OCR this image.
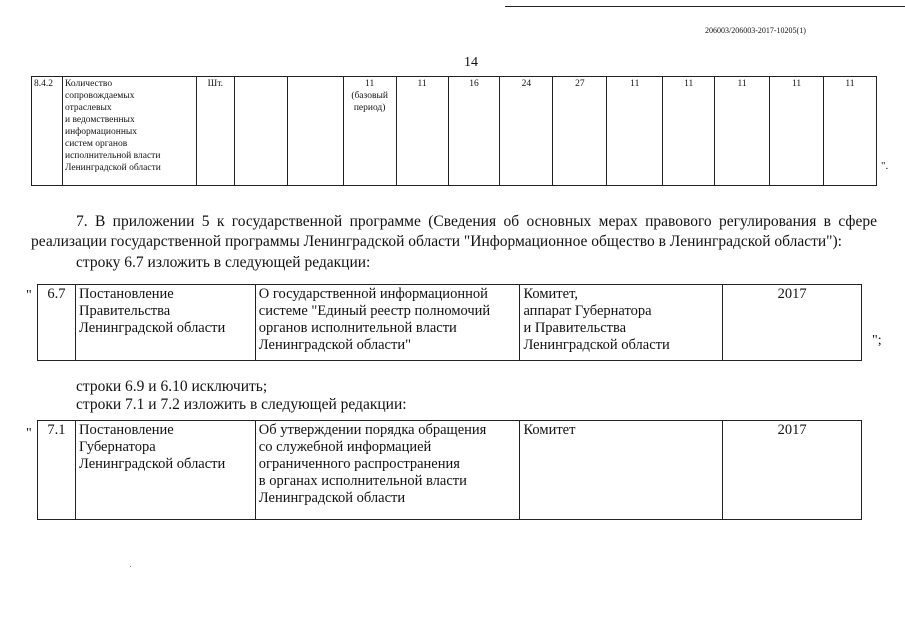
206003/206003-2017-10205(1)
14
8.4.2	Количество
сопровождаемых
отраслевых
и ведомственных
информационных
систем органов
исполнительной власти
Ленинградской области
	Шт.			11
(базовый
период)
	11	16	24	27	11	11	11	11	11
".
7. В приложении 5 к государственной программе (Сведения об основных мерах правового регулирования в сфере реализации государственной программы Ленинградской области "Информационное общество в Ленинградской области"):
строку 6.7 изложить в следующей редакции:
" 6.7	Постановление
Правительства
Ленинградской области

О государственной информационной
системе "Единый реестр полномочий
органов исполнительной власти
Ленинградской области"

Комитет,
аппарат Губернатора
и Правительства
Ленинградской области
	2017
";
строки 6.9 и 6.10 исключить;
строки 7.1 и 7.2 изложить в следующей редакции:
" 7.1	Постановление
Губернатора
Ленинградской области

Об утверждении порядка обращения
со служебной информацией
ограниченного распространения
в органах исполнительной власти
Ленинградской области

Комитет	2017
